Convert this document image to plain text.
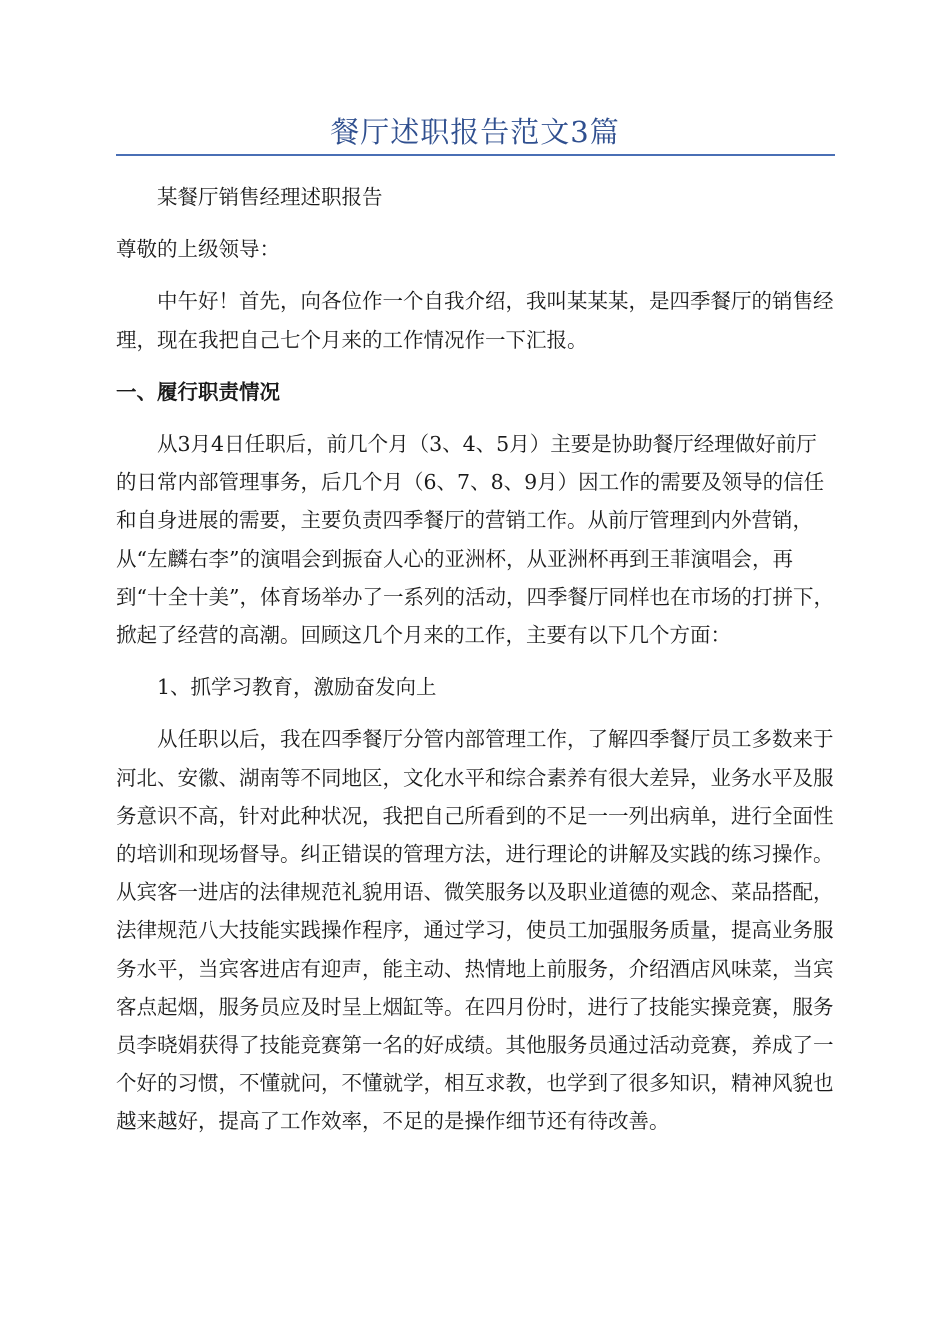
餐厅述职报告范文3篇

某餐厅销售经理述职报告

尊敬的上级领导：

中午好！首先，向各位作一个自我介绍，我叫某某某，是四季餐厅的销售经理，现在我把自己七个月来的工作情况作一下汇报。

一、履行职责情况

从3月4日任职后，前几个月（3、4、5月）主要是协助餐厅经理做好前厅的日常内部管理事务，后几个月（6、7、8、9月）因工作的需要及领导的信任和自身进展的需要，主要负责四季餐厅的营销工作。从前厅管理到内外营销，从“左麟右李”的演唱会到振奋人心的亚洲杯，从亚洲杯再到王菲演唱会，再到“十全十美”，体育场举办了一系列的活动，四季餐厅同样也在市场的打拼下，掀起了经营的高潮。回顾这几个月来的工作，主要有以下几个方面：

1、抓学习教育，激励奋发向上

从任职以后，我在四季餐厅分管内部管理工作，了解四季餐厅员工多数来于河北、安徽、湖南等不同地区，文化水平和综合素养有很大差异，业务水平及服务意识不高，针对此种状况，我把自己所看到的不足一一列出病单，进行全面性的培训和现场督导。纠正错误的管理方法，进行理论的讲解及实践的练习操作。从宾客一进店的法律规范礼貌用语、微笑服务以及职业道德的观念、菜品搭配，法律规范八大技能实践操作程序，通过学习，使员工加强服务质量，提高业务服务水平，当宾客进店有迎声，能主动、热情地上前服务，介绍酒店风味菜，当宾客点起烟，服务员应及时呈上烟缸等。在四月份时，进行了技能实操竞赛，服务员李晓娟获得了技能竞赛第一名的好成绩。其他服务员通过活动竞赛，养成了一个好的习惯，不懂就问，不懂就学，相互求教，也学到了很多知识，精神风貌也越来越好，提高了工作效率，不足的是操作细节还有待改善。
